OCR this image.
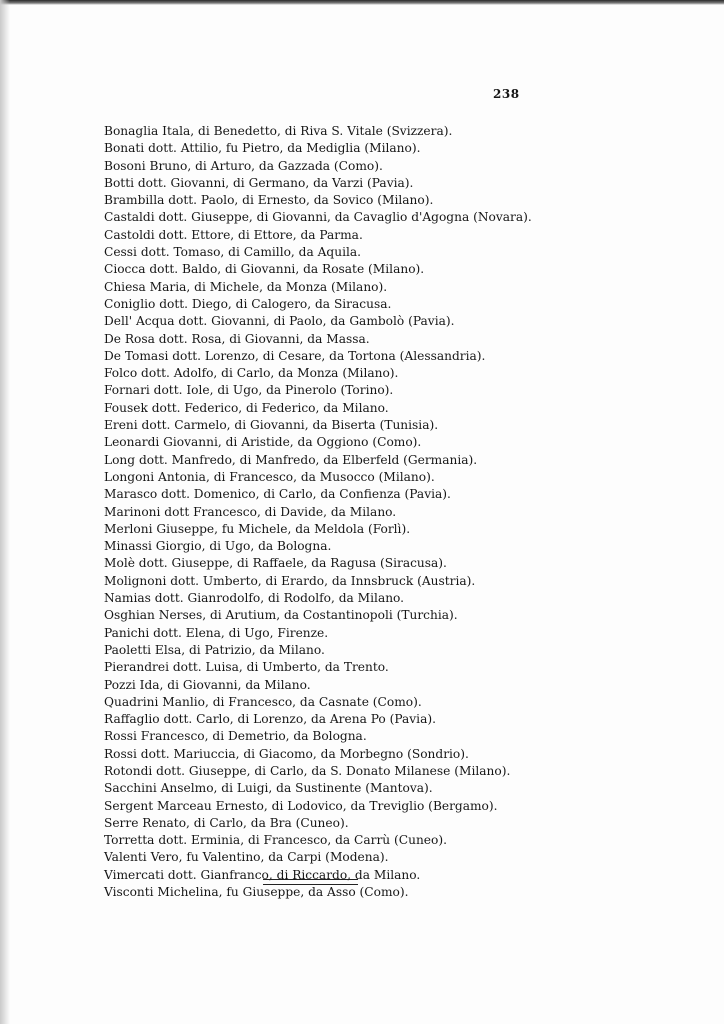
238
Bonaglia Itala, di Benedetto, di Riva S. Vitale (Svizzera).
Bonati dott. Attilio, fu Pietro, da Mediglia (Milano).
Bosoni Bruno, di Arturo, da Gazzada (Como).
Botti dott. Giovanni, di Germano, da Varzi (Pavia).
Brambilla dott. Paolo, di Ernesto, da Sovico (Milano).
Castaldi dott. Giuseppe, di Giovanni, da Cavaglio d'Agogna (Novara).
Castoldi dott. Ettore, di Ettore, da Parma.
Cessi dott. Tomaso, di Camillo, da Aquila.
Ciocca dott. Baldo, di Giovanni, da Rosate (Milano).
Chiesa Maria, di Michele, da Monza (Milano).
Coniglio dott. Diego, di Calogero, da Siracusa.
Dell' Acqua dott. Giovanni, di Paolo, da Gambolò (Pavia).
De Rosa dott. Rosa, di Giovanni, da Massa.
De Tomasi dott. Lorenzo, di Cesare, da Tortona (Alessandria).
Folco dott. Adolfo, di Carlo, da Monza (Milano).
Fornari dott. Iole, di Ugo, da Pinerolo (Torino).
Fousek dott. Federico, di Federico, da Milano.
Ereni dott. Carmelo, di Giovanni, da Biserta (Tunisia).
Leonardi Giovanni, di Aristide, da Oggiono (Como).
Long dott. Manfredo, di Manfredo, da Elberfeld (Germania).
Longoni Antonia, di Francesco, da Musocco (Milano).
Marasco dott. Domenico, di Carlo, da Confienza (Pavia).
Marinoni dott Francesco, di Davide, da Milano.
Merloni Giuseppe, fu Michele, da Meldola (Forlì).
Minassi Giorgio, di Ugo, da Bologna.
Molè dott. Giuseppe, di Raffaele, da Ragusa (Siracusa).
Molignoni dott. Umberto, di Erardo, da Innsbruck (Austria).
Namias dott. Gianrodolfo, di Rodolfo, da Milano.
Osghian Nerses, di Arutium, da Costantinopoli (Turchia).
Panichi dott. Elena, di Ugo, Firenze.
Paoletti Elsa, di Patrizio, da Milano.
Pierandrei dott. Luisa, di Umberto, da Trento.
Pozzi Ida, di Giovanni, da Milano.
Quadrini Manlio, di Francesco, da Casnate (Como).
Raffaglio dott. Carlo, di Lorenzo, da Arena Po (Pavia).
Rossi Francesco, di Demetrio, da Bologna.
Rossi dott. Mariuccia, di Giacomo, da Morbegno (Sondrio).
Rotondi dott. Giuseppe, di Carlo, da S. Donato Milanese (Milano).
Sacchini Anselmo, di Luigi, da Sustinente (Mantova).
Sergent Marceau Ernesto, di Lodovico, da Treviglio (Bergamo).
Serre Renato, di Carlo, da Bra (Cuneo).
Torretta dott. Erminia, di Francesco, da Carrù (Cuneo).
Valenti Vero, fu Valentino, da Carpi (Modena).
Vimercati dott. Gianfranco, di Riccardo, da Milano.
Visconti Michelina, fu Giuseppe, da Asso (Como).
